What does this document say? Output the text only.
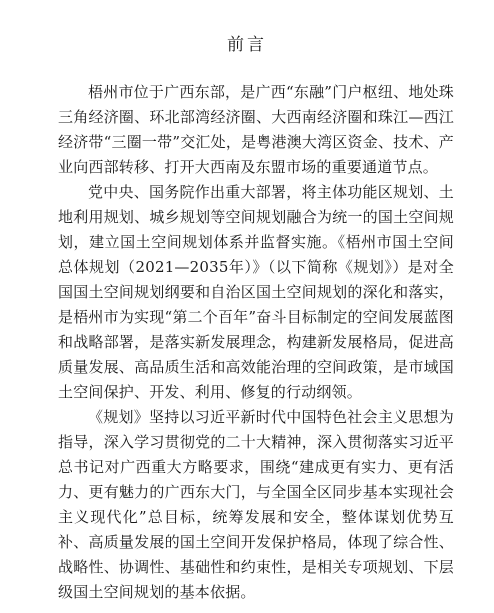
前言

梧州市位于广西东部，是广西“东融”门户枢纽、地处珠三角经济圈、环北部湾经济圈、大西南经济圈和珠江—西江经济带“三圈一带”交汇处，是粤港澳大湾区资金、技术、产业向西部转移、打开大西南及东盟市场的重要通道节点。

党中央、国务院作出重大部署，将主体功能区规划、土地利用规划、城乡规划等空间规划融合为统一的国土空间规划，建立国土空间规划体系并监督实施。《梧州市国土空间总体规划（2021—2035年）》（以下简称《规划》）是对全国国土空间规划纲要和自治区国土空间规划的深化和落实，是梧州市为实现“第二个百年”奋斗目标制定的空间发展蓝图和战略部署，是落实新发展理念，构建新发展格局，促进高质量发展、高品质生活和高效能治理的空间政策，是市域国土空间保护、开发、利用、修复的行动纲领。

《规划》坚持以习近平新时代中国特色社会主义思想为指导，深入学习贯彻党的二十大精神，深入贯彻落实习近平总书记对广西重大方略要求，围绕“建成更有实力、更有活力、更有魅力的广西东大门，与全国全区同步基本实现社会主义现代化”总目标，统筹发展和安全，整体谋划优势互补、高质量发展的国土空间开发保护格局，体现了综合性、战略性、协调性、基础性和约束性，是相关专项规划、下层级国土空间规划的基本依据。
